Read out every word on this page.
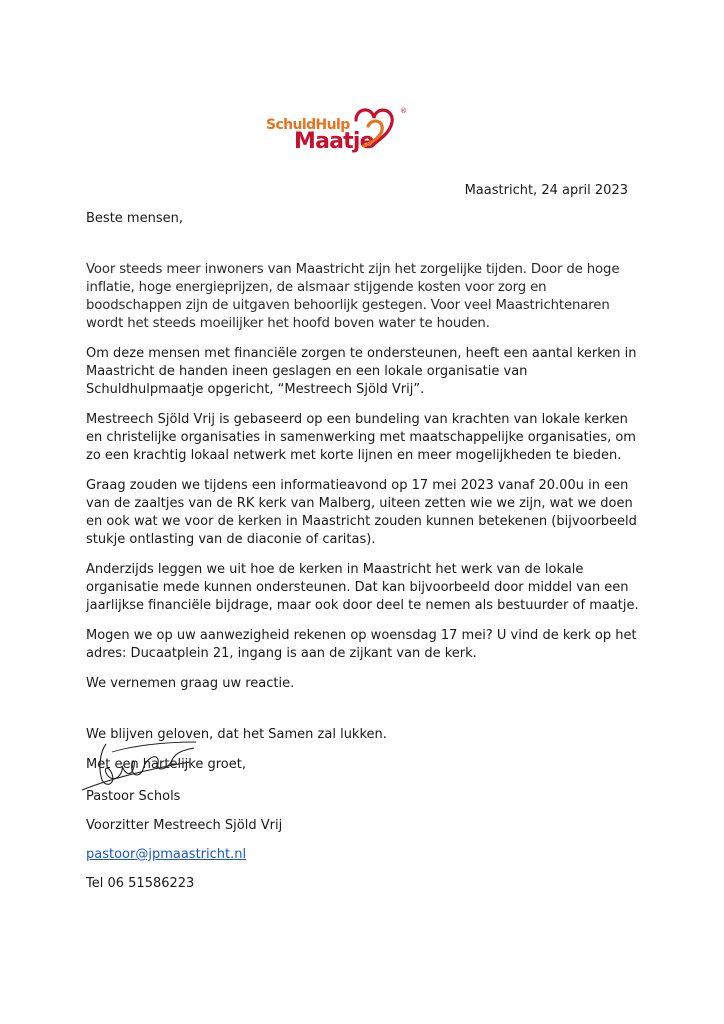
SchuldHulp
Maatje
®
Maastricht, 24 april 2023

Beste mensen,

Voor steeds meer inwoners van Maastricht zijn het zorgelijke tijden. Door de hoge inflatie, hoge energieprijzen, de alsmaar stijgende kosten voor zorg en boodschappen zijn de uitgaven behoorlijk gestegen. Voor veel Maastrichtenaren wordt het steeds moeilijker het hoofd boven water te houden.

Om deze mensen met financiële zorgen te ondersteunen, heeft een aantal kerken in Maastricht de handen ineen geslagen en een lokale organisatie van Schuldhulpmaatje opgericht, “Mestreech Sjöld Vrij”.

Mestreech Sjöld Vrij is gebaseerd op een bundeling van krachten van lokale kerken en christelijke organisaties in samenwerking met maatschappelijke organisaties, om zo een krachtig lokaal netwerk met korte lijnen en meer mogelijkheden te bieden.

Graag zouden we tijdens een informatieavond op 17 mei 2023 vanaf 20.00u in een van de zaaltjes van de RK kerk van Malberg, uiteen zetten wie we zijn, wat we doen en ook wat we voor de kerken in Maastricht zouden kunnen betekenen (bijvoorbeeld stukje ontlasting van de diaconie of caritas).

Anderzijds leggen we uit hoe de kerken in Maastricht het werk van de lokale organisatie mede kunnen ondersteunen. Dat kan bijvoorbeeld door middel van een jaarlijkse financiële bijdrage, maar ook door deel te nemen als bestuurder of maatje.

Mogen we op uw aanwezigheid rekenen op woensdag 17 mei? U vind de kerk op het adres: Ducaatplein 21, ingang is aan de zijkant van de kerk.

We vernemen graag uw reactie.

We blijven geloven, dat het Samen zal lukken.

Met een hartelijke groet,

Pastoor Schols
Voorzitter Mestreech Sjöld Vrij
pastoor@jpmaastricht.nl
Tel 06 51586223
